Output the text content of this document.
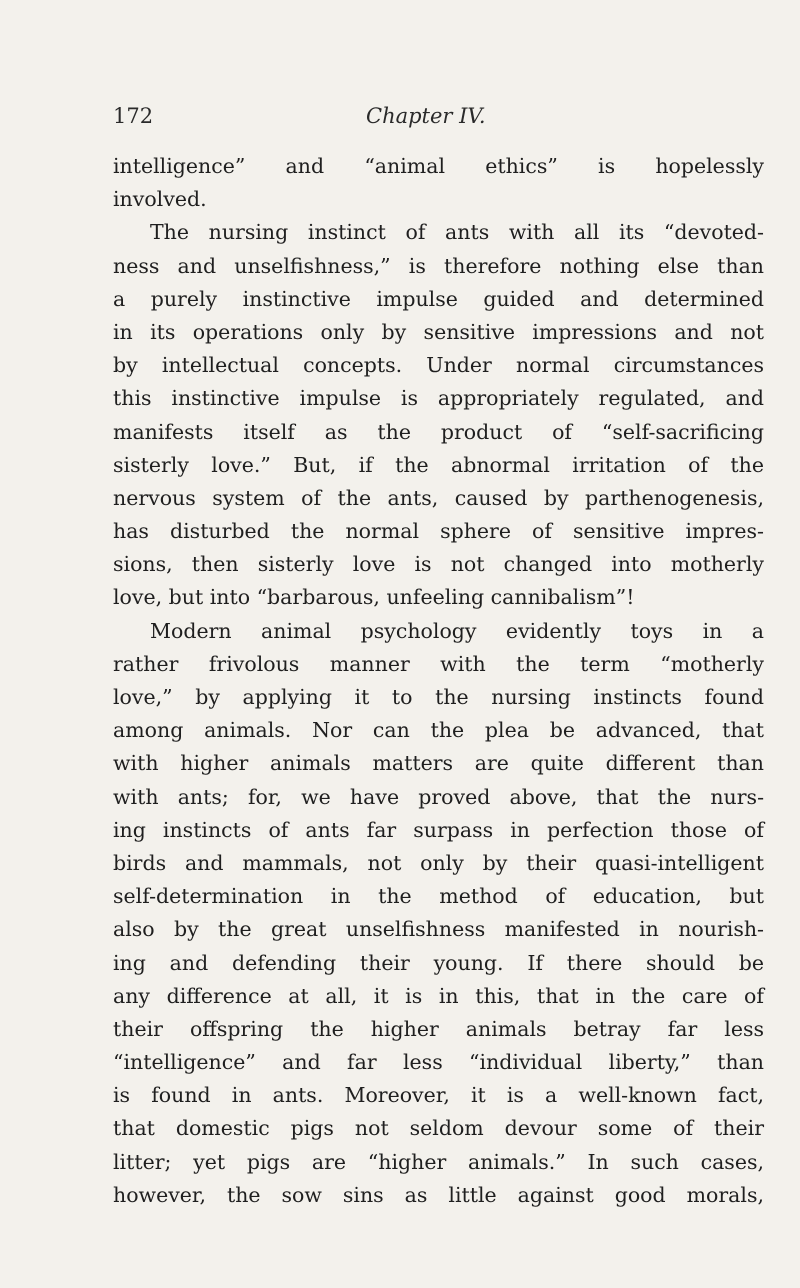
172	Chapter IV.
intelligence” and “animal ethics” is hopelessly
involved.
The nursing instinct of ants with all its “devoted-
ness and unselfishness,” is therefore nothing else than
a purely instinctive impulse guided and determined
in its operations only by sensitive impressions and not
by intellectual concepts. Under normal circumstances
this instinctive impulse is appropriately regulated, and
manifests itself as the product of “self-sacrificing
sisterly love.” But, if the abnormal irritation of the
nervous system of the ants, caused by parthenogenesis,
has disturbed the normal sphere of sensitive impres-
sions, then sisterly love is not changed into motherly
love, but into “barbarous, unfeeling cannibalism”!
Modern animal psychology evidently toys in a
rather frivolous manner with the term “motherly
love,” by applying it to the nursing instincts found
among animals. Nor can the plea be advanced, that
with higher animals matters are quite different than
with ants; for, we have proved above, that the nurs-
ing instincts of ants far surpass in perfection those of
birds and mammals, not only by their quasi-intelligent
self-determination in the method of education, but
also by the great unselfishness manifested in nourish-
ing and defending their young. If there should be
any difference at all, it is in this, that in the care of
their offspring the higher animals betray far less
“intelligence” and far less “individual liberty,” than
is found in ants. Moreover, it is a well-known fact,
that domestic pigs not seldom devour some of their
litter; yet pigs are “higher animals.” In such cases,
however, the sow sins as little against good morals,
